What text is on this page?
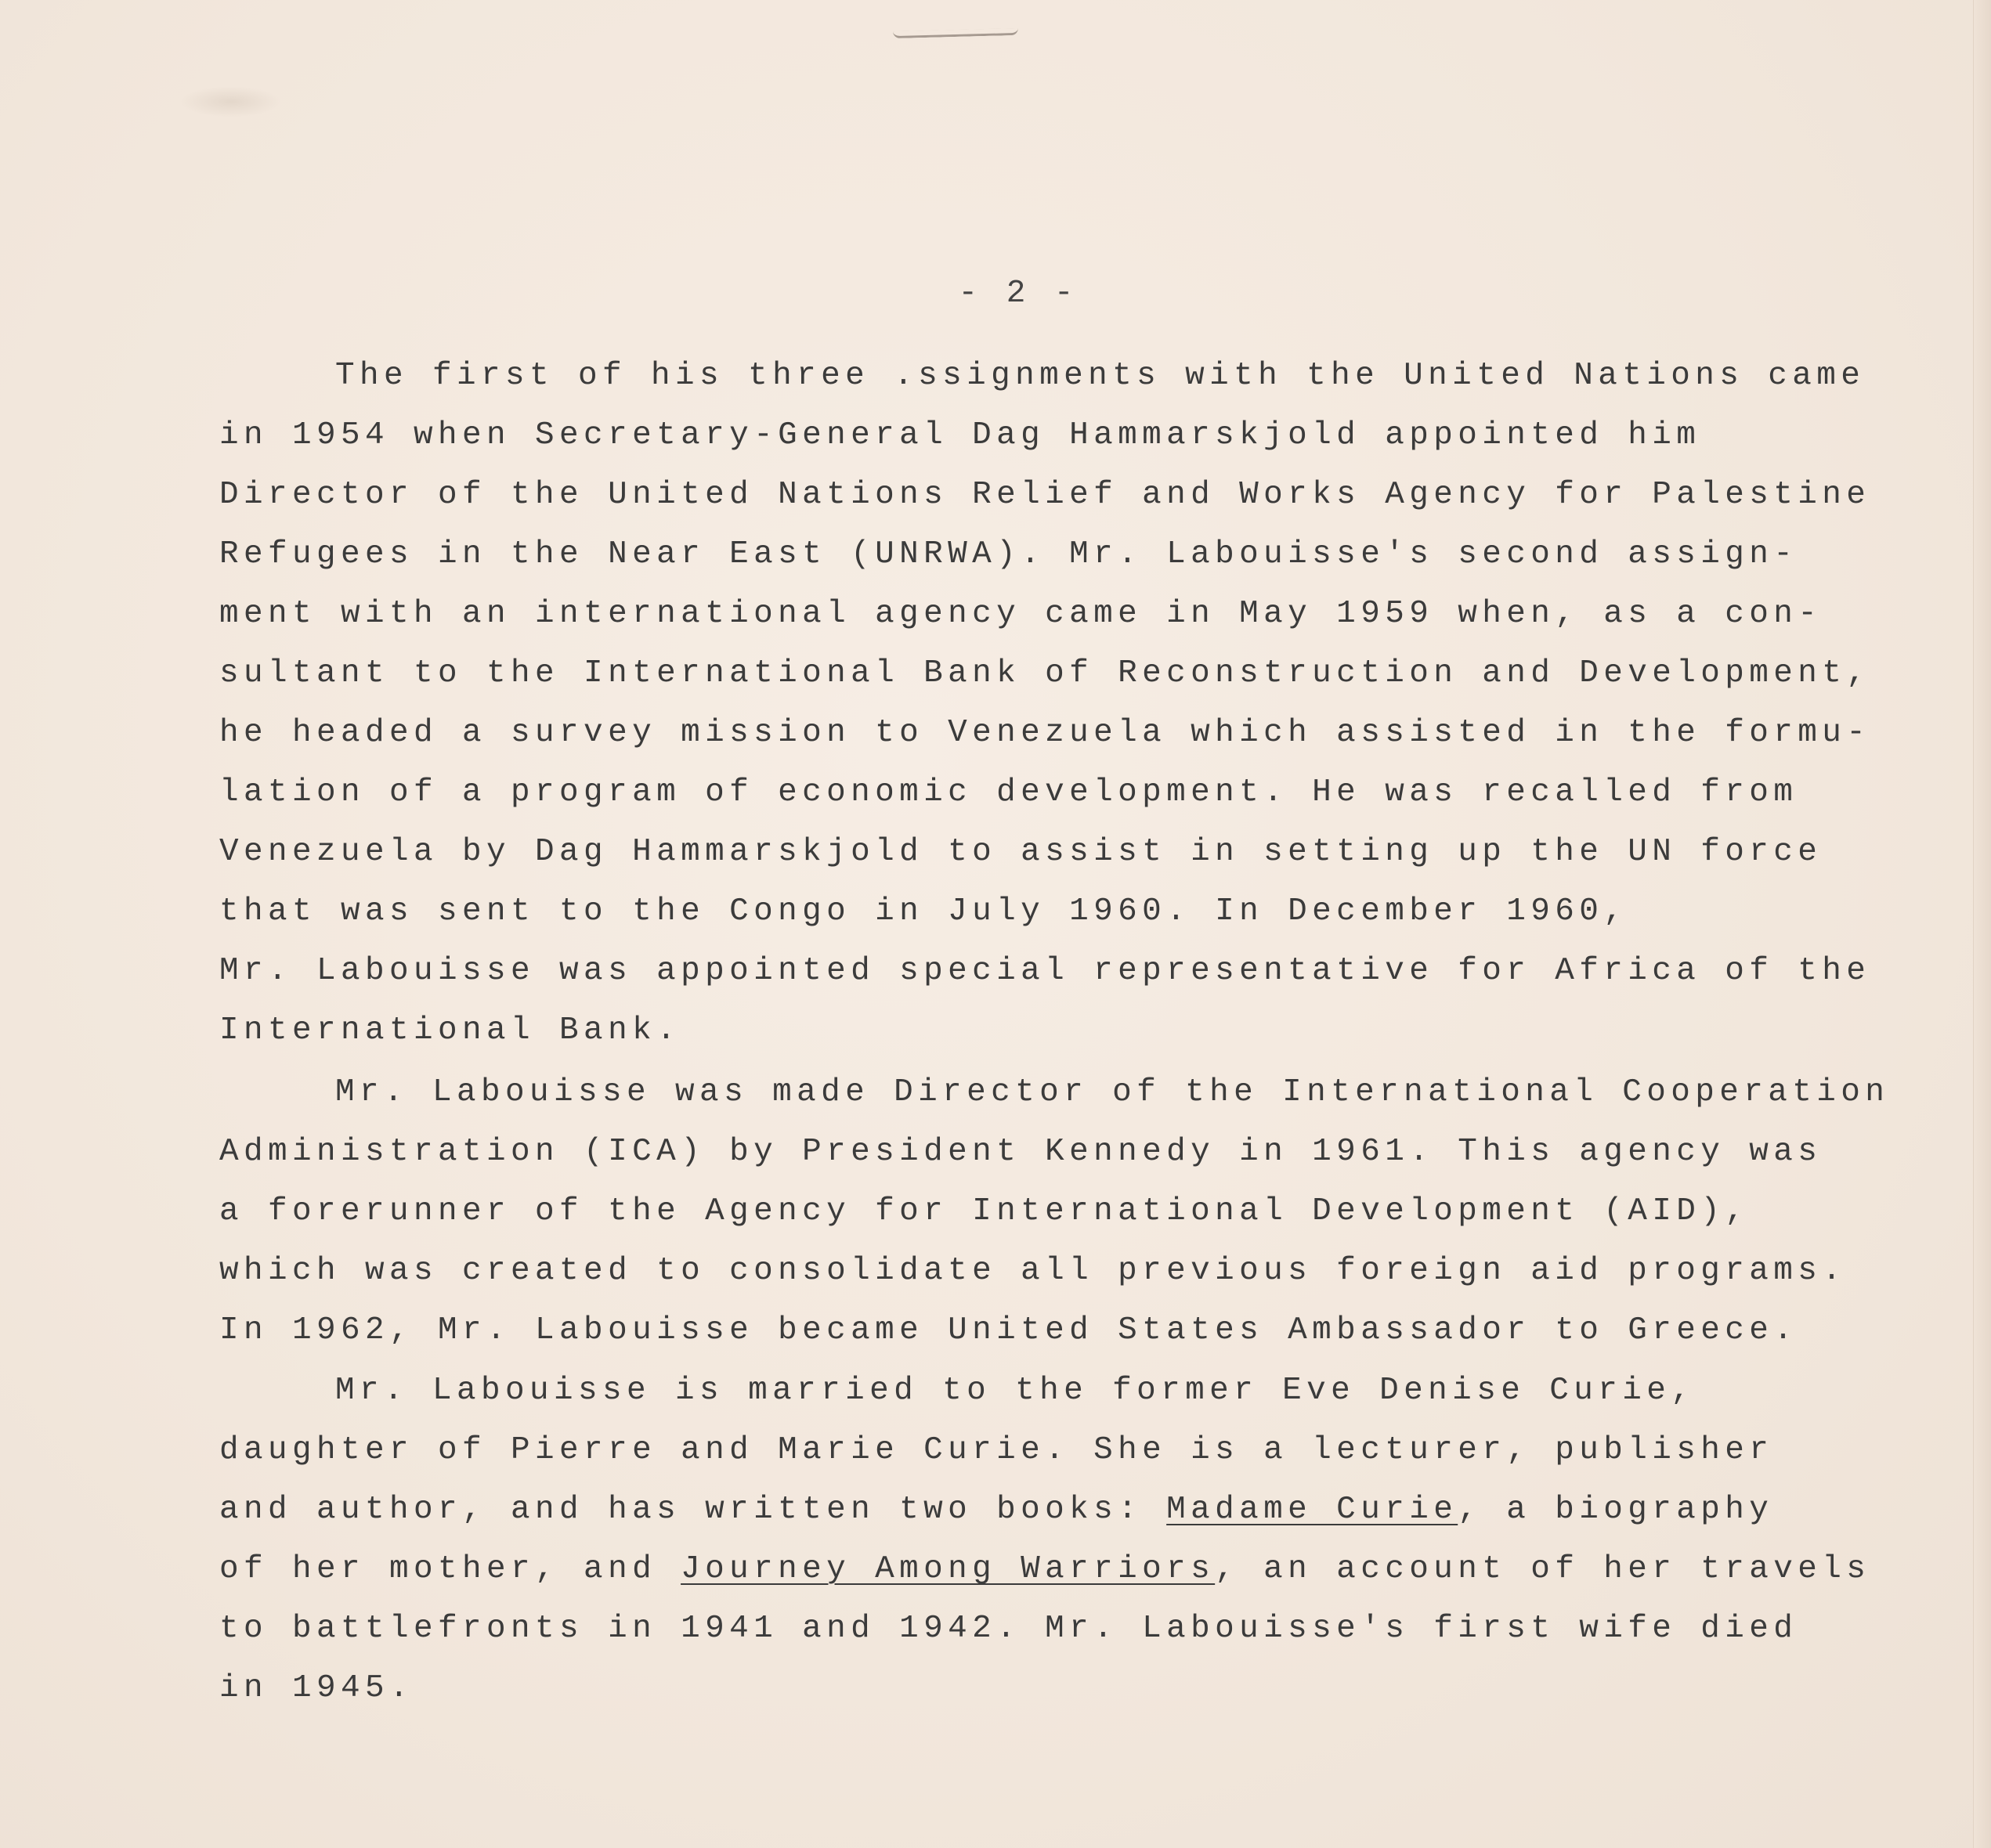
- 2 -
The first of his three .ssignments with the United Nations came
in 1954 when Secretary-General Dag Hammarskjold appointed him
Director of the United Nations Relief and Works Agency for Palestine
Refugees in the Near East (UNRWA). Mr. Labouisse's second assign-
ment with an international agency came in May 1959 when, as a con-
sultant to the International Bank of Reconstruction and Development,
he headed a survey mission to Venezuela which assisted in the formu-
lation of a program of economic development. He was recalled from
Venezuela by Dag Hammarskjold to assist in setting up the UN force
that was sent to the Congo in July 1960. In December 1960,
Mr. Labouisse was appointed special representative for Africa of the
International Bank.
Mr. Labouisse was made Director of the International Cooperation
Administration (ICA) by President Kennedy in 1961. This agency was
a forerunner of the Agency for International Development (AID),
which was created to consolidate all previous foreign aid programs.
In 1962, Mr. Labouisse became United States Ambassador to Greece.
Mr. Labouisse is married to the former Eve Denise Curie,
daughter of Pierre and Marie Curie. She is a lecturer, publisher
and author, and has written two books: Madame Curie, a biography
of her mother, and Journey Among Warriors, an account of her travels
to battlefronts in 1941 and 1942. Mr. Labouisse's first wife died
in 1945.
